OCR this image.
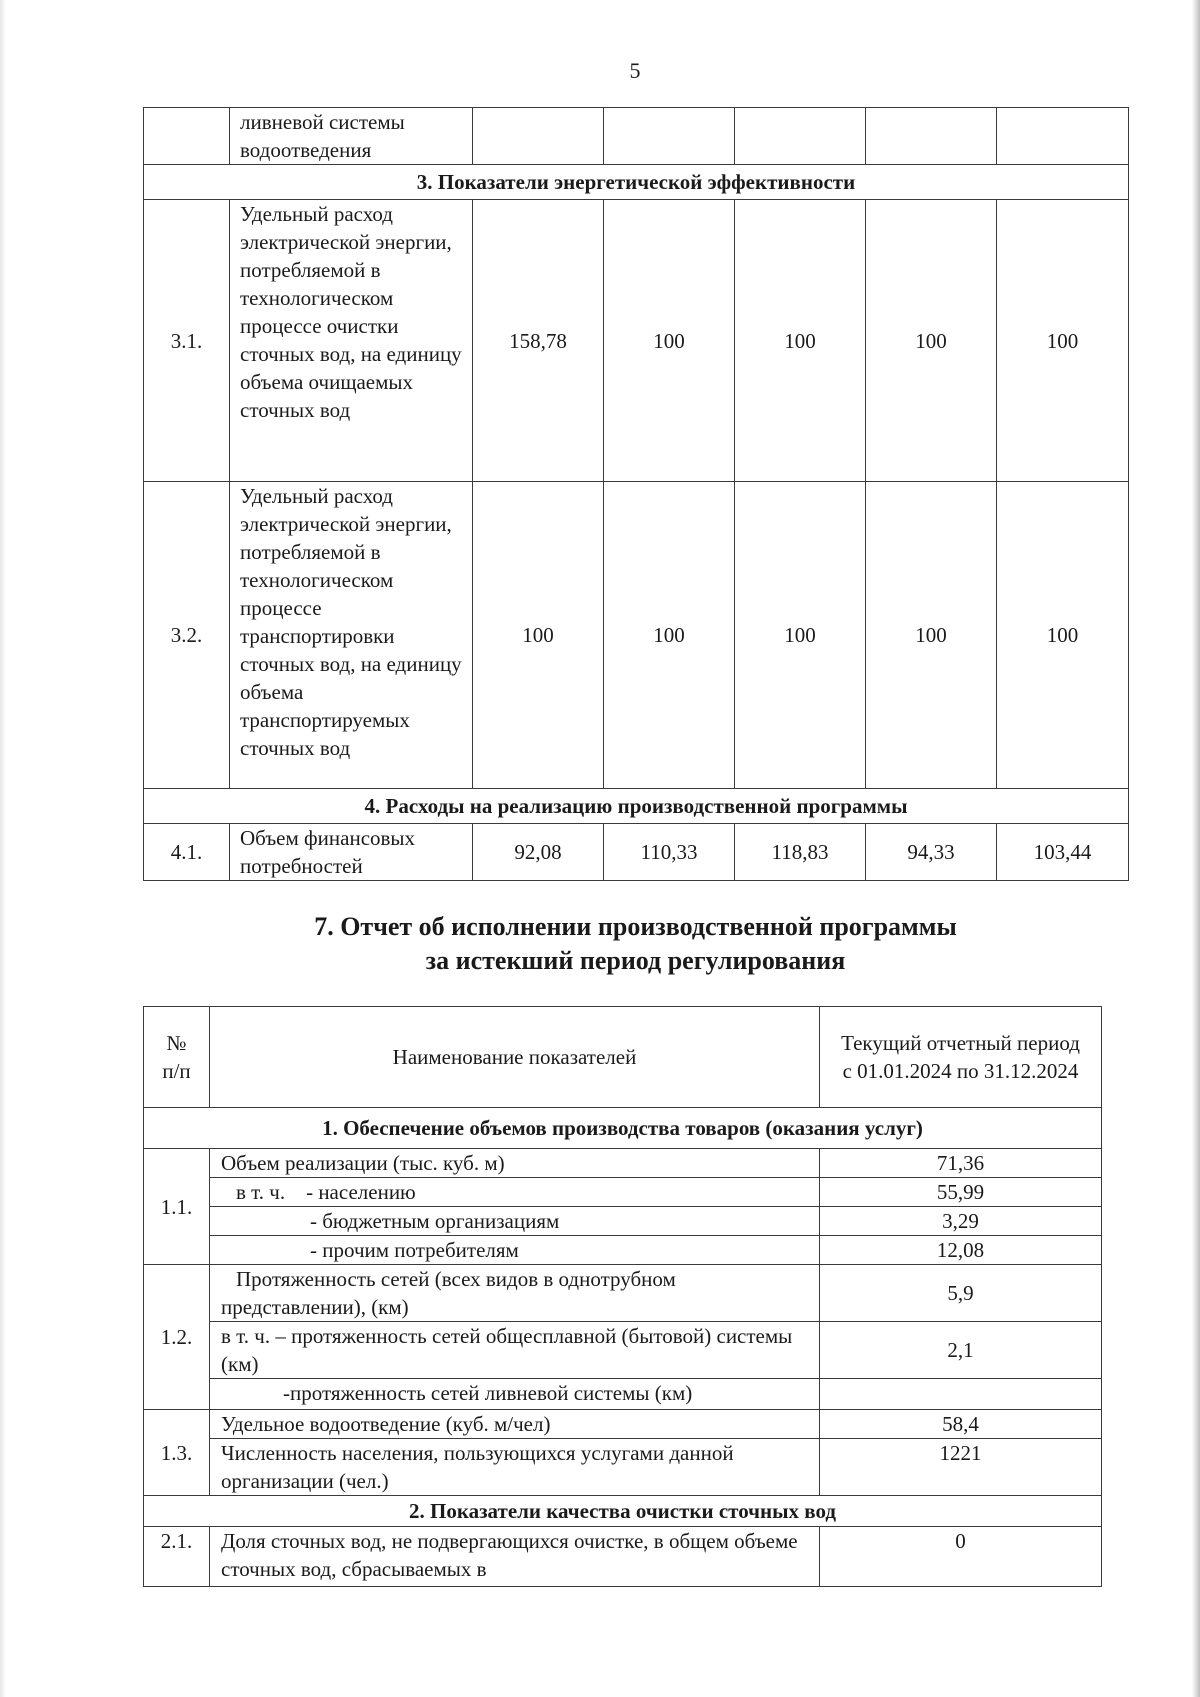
5
	ливневой системы водоотведения					
3. Показатели энергетической эффективности						
3.1.	Удельный расход электрической энергии, потребляемой в технологическом процессе очистки сточных вод, на единицу объема очищаемых сточных вод	158,78	100	100	100	100
3.2.	Удельный расход электрической энергии, потребляемой в технологическом процессе транспортировки сточных вод, на единицу объема транспортируемых сточных вод	100	100	100	100	100
4. Расходы на реализацию производственной программы						
4.1.	Объем финансовых потребностей	92,08	110,33	118,83	94,33	103,44
7. Отчет об исполнении производственной программы
за истекший период регулирования
№ п/п	Наименование показателей	Текущий отчетный период с 01.01.2024 по 31.12.2024
1. Обеспечение объемов производства товаров (оказания услуг)		
1.1.	Объем реализации (тыс. куб. м)	71,36
	в т. ч.    - населению	55,99
	- бюджетным организациям	3,29
	- прочим потребителям	12,08
1.2.	Протяженность сетей (всех видов в однотрубном представлении), (км)	5,9
	в т. ч. – протяженность сетей общесплавной (бытовой) системы (км)	2,1
	-протяженность сетей ливневой системы (км)	
1.3.	Удельное водоотведение (куб. м/чел)	58,4
	Численность населения, пользующихся услугами данной организации (чел.)	1221
2. Показатели качества очистки сточных вод		
2.1.	Доля сточных вод, не подвергающихся очистке, в общем объеме сточных вод, сбрасываемых в	0
